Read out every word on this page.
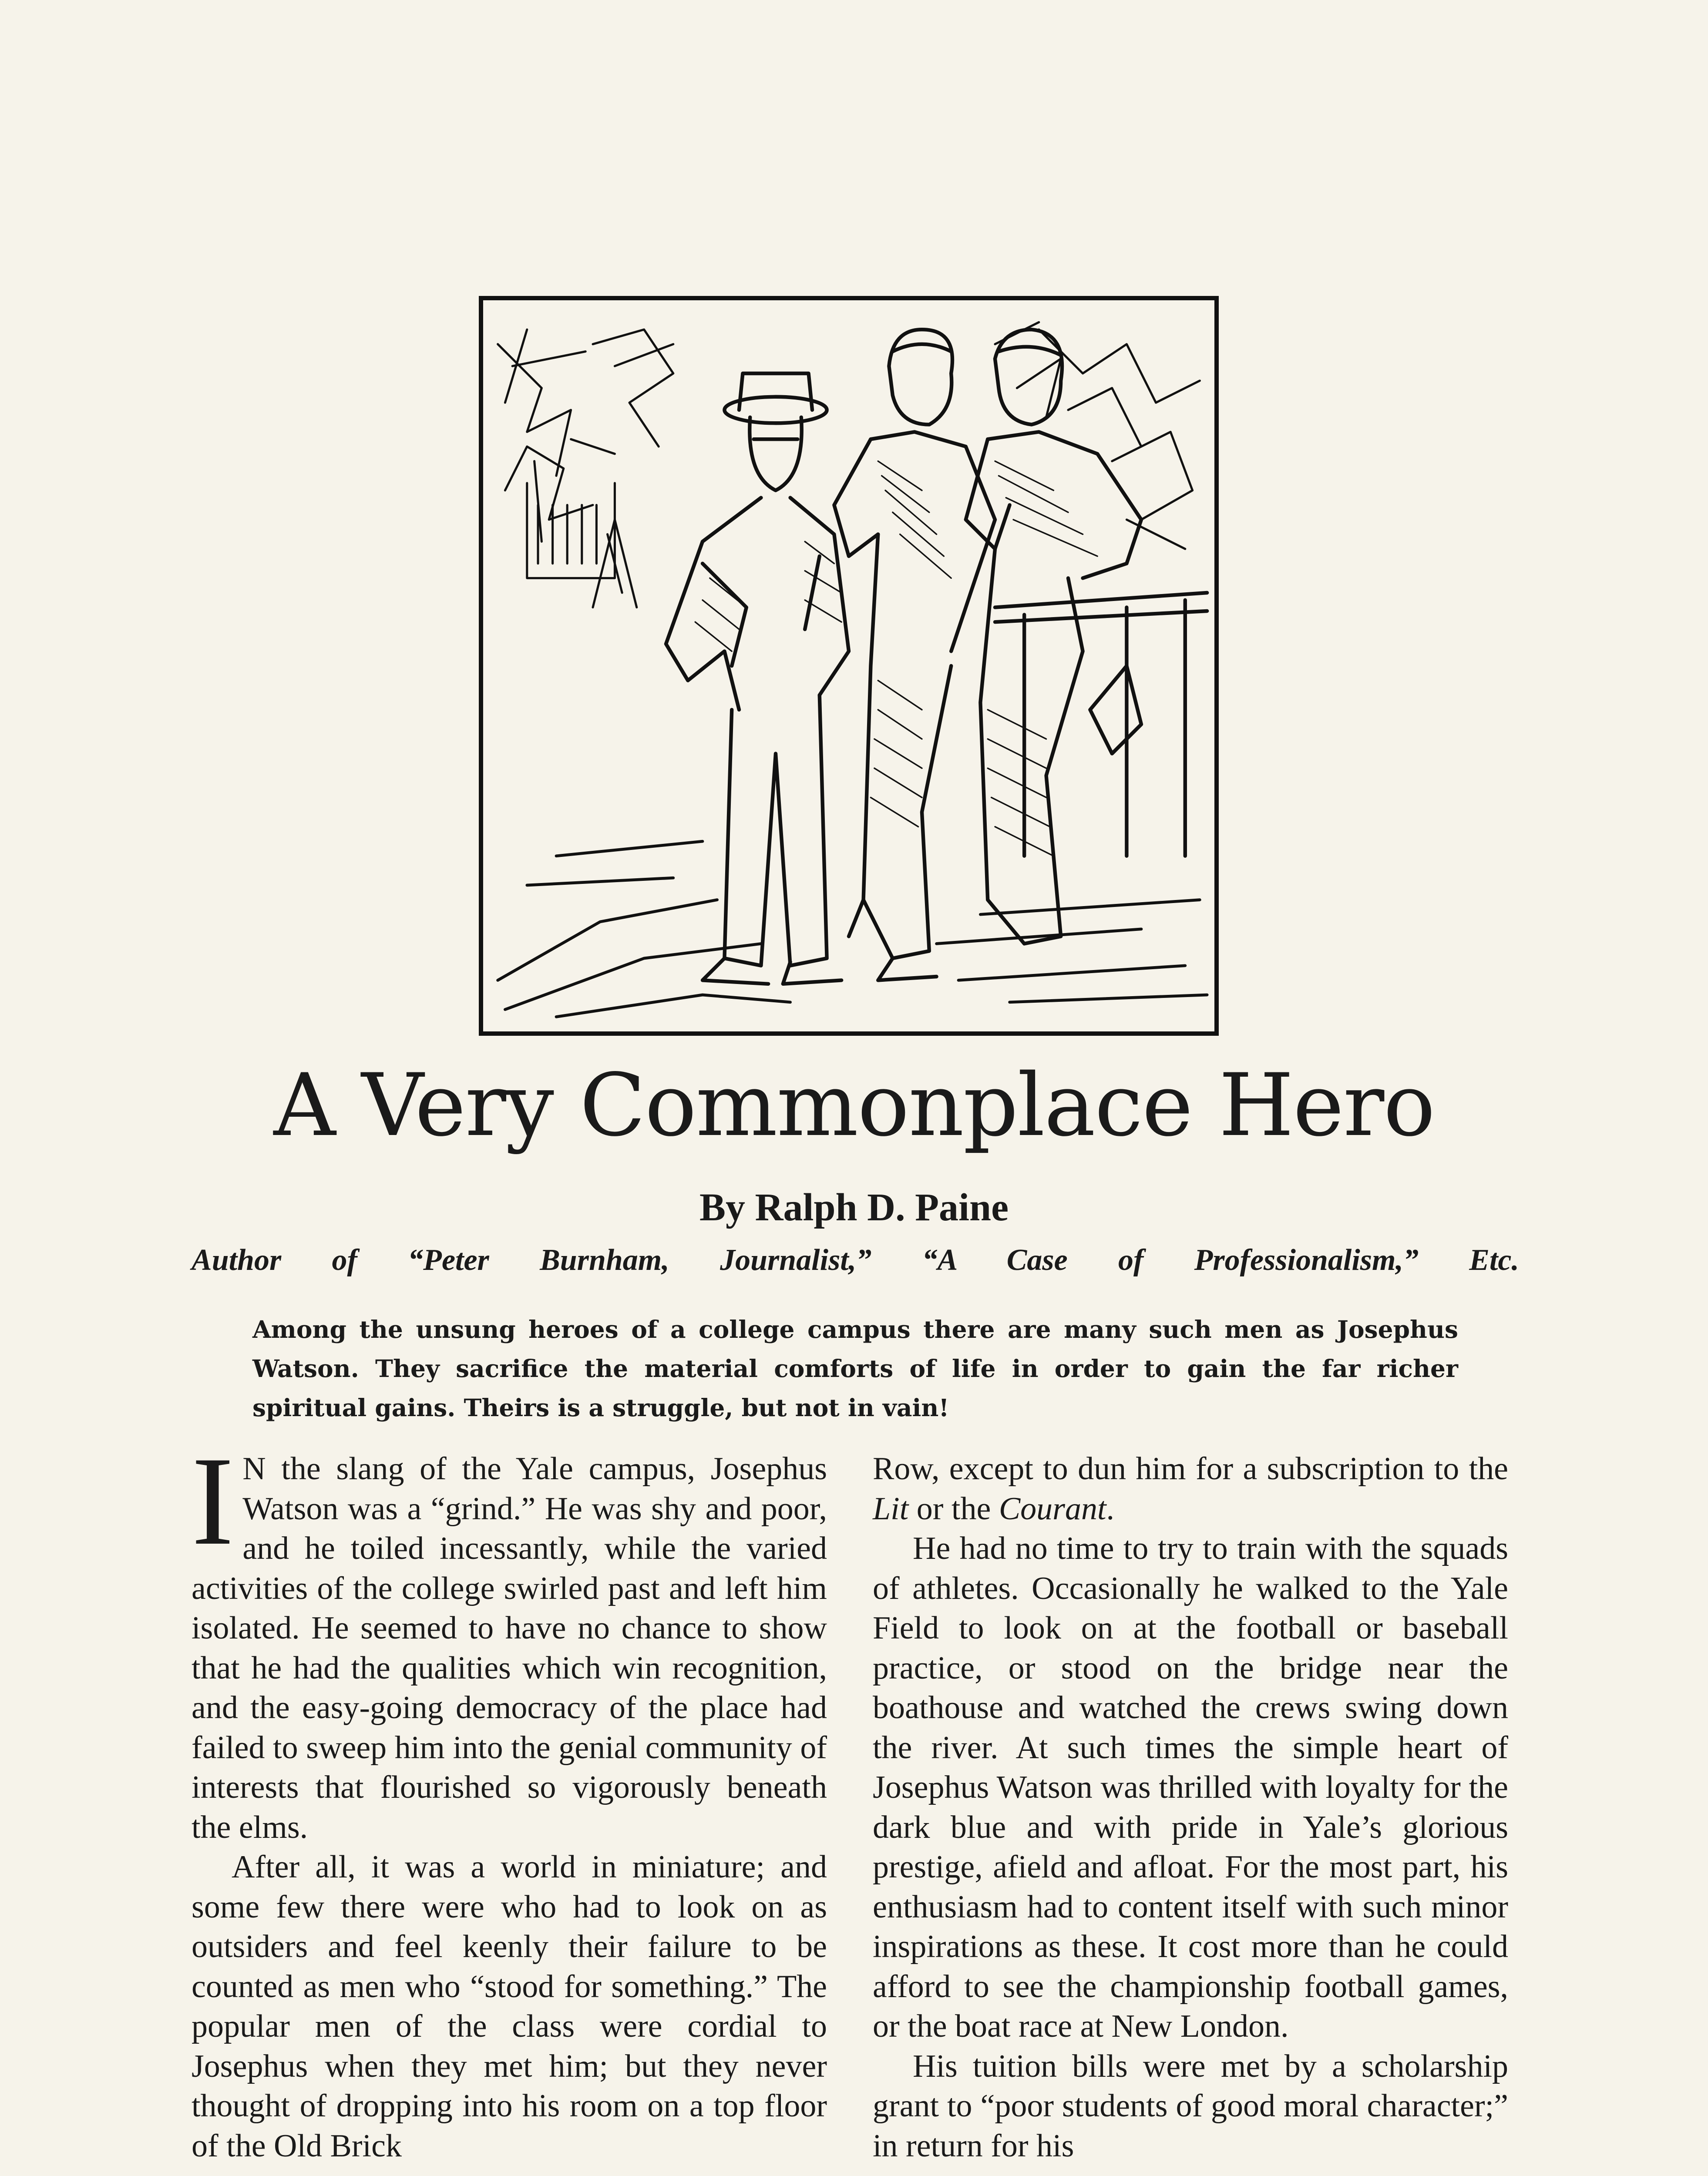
A Very Commonplace Hero
By Ralph D. Paine
Author of “Peter Burnham, Journalist,” “A Case of Professionalism,” Etc.
Among the unsung heroes of a college campus there are many such men as Josephus Watson. They sacrifice the material comforts of life in order to gain the far richer spiritual gains. Theirs is a struggle, but not in vain!

I N the slang of the Yale campus, Josephus Watson was a “grind.” He was shy and poor, and he toiled incessantly, while the varied activities of the college swirled past and left him isolated. He seemed to have no chance to show that he had the qualities which win recognition, and the easy-going democracy of the place had failed to sweep him into the genial community of interests that flourished so vigorously beneath the elms.

After all, it was a world in miniature; and some few there were who had to look on as outsiders and feel keenly their failure to be counted as men who “stood for something.” The popular men of the class were cordial to Josephus when they met him; but they never thought of dropping into his room on a top floor of the Old Brick

Row, except to dun him for a subscription to the Lit or the Courant.

He had no time to try to train with the squads of athletes. Occasionally he walked to the Yale Field to look on at the football or baseball practice, or stood on the bridge near the boathouse and watched the crews swing down the river. At such times the simple heart of Josephus Watson was thrilled with loyalty for the dark blue and with pride in Yale’s glorious prestige, afield and afloat. For the most part, his enthusiasm had to content itself with such minor inspirations as these. It cost more than he could afford to see the championship football games, or the boat race at New London.

His tuition bills were met by a scholarship grant to “poor students of good moral character;” in return for his
